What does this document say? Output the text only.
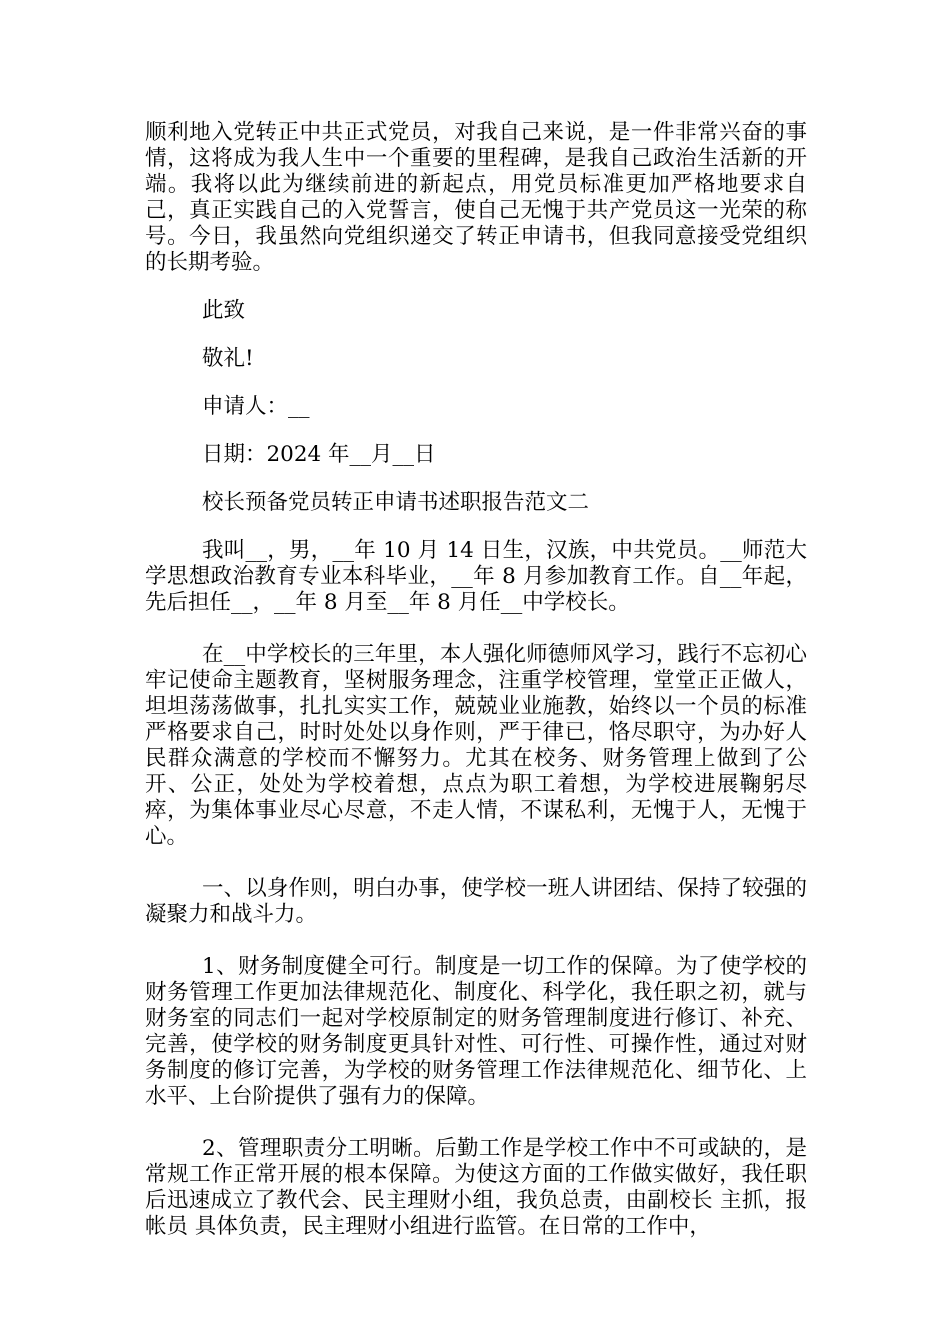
顺利地入党转正中共正式党员，对我自己来说，是一件非常兴奋的事情，这将成为我人生中一个重要的里程碑，是我自己政治生活新的开端。我将以此为继续前进的新起点，用党员标准更加严格地要求自己，真正实践自己的入党誓言，使自己无愧于共产党员这一光荣的称号。今日，我虽然向党组织递交了转正申请书，但我同意接受党组织的长期考验。

此致

敬礼!

申请人：__

日期：2024 年__月__日

校长预备党员转正申请书述职报告范文二

我叫__，男，__年 10 月 14 日生，汉族，中共党员。__师范大学思想政治教育专业本科毕业，__年 8 月参加教育工作。自__年起，先后担任__，__年 8 月至__年 8 月任__中学校长。

在__中学校长的三年里，本人强化师德师风学习，践行不忘初心牢记使命主题教育，坚树服务理念，注重学校管理，堂堂正正做人，坦坦荡荡做事，扎扎实实工作，兢兢业业施教，始终以一个员的标准严格要求自己，时时处处以身作则，严于律已，恪尽职守，为办好人民群众满意的学校而不懈努力。尤其在校务、财务管理上做到了公开、公正，处处为学校着想，点点为职工着想，为学校进展鞠躬尽瘁，为集体事业尽心尽意，不走人情，不谋私利，无愧于人，无愧于心。

一、以身作则，明白办事，使学校一班人讲团结、保持了较强的凝聚力和战斗力。

1、财务制度健全可行。制度是一切工作的保障。为了使学校的财务管理工作更加法律规范化、制度化、科学化，我任职之初，就与财务室的同志们一起对学校原制定的财务管理制度进行修订、补充、完善，使学校的财务制度更具针对性、可行性、可操作性，通过对财务制度的修订完善，为学校的财务管理工作法律规范化、细节化、上水平、上台阶提供了强有力的保障。

2、管理职责分工明晰。后勤工作是学校工作中不可或缺的，是常规工作正常开展的根本保障。为使这方面的工作做实做好，我任职后迅速成立了教代会、民主理财小组，我负总责，由副校长 主抓，报帐员 具体负责，民主理财小组进行监管。在日常的工作中，
